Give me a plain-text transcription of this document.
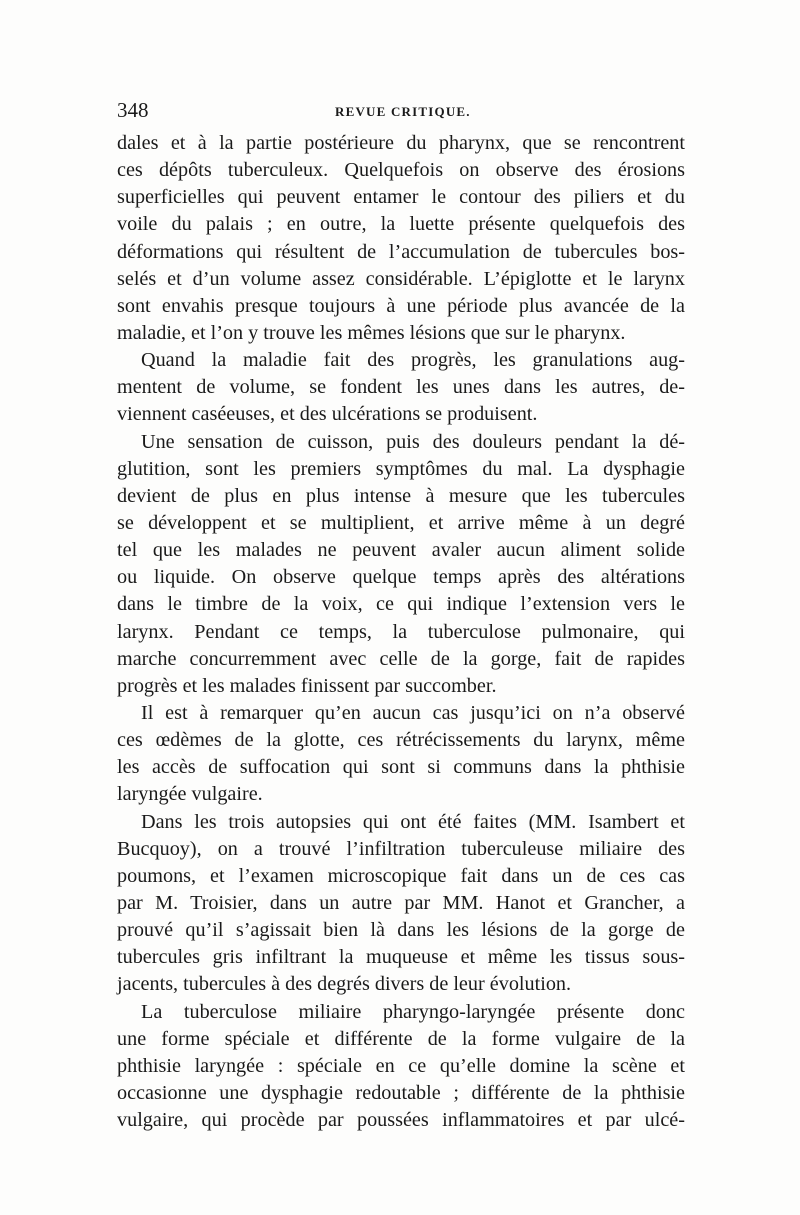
348	REVUE CRITIQUE.
dales et à la partie postérieure du pharynx, que se rencontrent
ces dépôts tuberculeux. Quelquefois on observe des érosions
superficielles qui peuvent entamer le contour des piliers et du
voile du palais ; en outre, la luette présente quelquefois des
déformations qui résultent de l’accumulation de tubercules bos-
selés et d’un volume assez considérable. L’épiglotte et le larynx
sont envahis presque toujours à une période plus avancée de la
maladie, et l’on y trouve les mêmes lésions que sur le pharynx.
Quand la maladie fait des progrès, les granulations aug-
mentent de volume, se fondent les unes dans les autres, de-
viennent caséeuses, et des ulcérations se produisent.
Une sensation de cuisson, puis des douleurs pendant la dé-
glutition, sont les premiers symptômes du mal. La dysphagie
devient de plus en plus intense à mesure que les tubercules
se développent et se multiplient, et arrive même à un degré
tel que les malades ne peuvent avaler aucun aliment solide
ou liquide. On observe quelque temps après des altérations
dans le timbre de la voix, ce qui indique l’extension vers le
larynx. Pendant ce temps, la tuberculose pulmonaire, qui
marche concurremment avec celle de la gorge, fait de rapides
progrès et les malades finissent par succomber.
Il est à remarquer qu’en aucun cas jusqu’ici on n’a observé
ces œdèmes de la glotte, ces rétrécissements du larynx, même
les accès de suffocation qui sont si communs dans la phthisie
laryngée vulgaire.
Dans les trois autopsies qui ont été faites (MM. Isambert et
Bucquoy), on a trouvé l’infiltration tuberculeuse miliaire des
poumons, et l’examen microscopique fait dans un de ces cas
par M. Troisier, dans un autre par MM. Hanot et Grancher, a
prouvé qu’il s’agissait bien là dans les lésions de la gorge de
tubercules gris infiltrant la muqueuse et même les tissus sous-
jacents, tubercules à des degrés divers de leur évolution.
La tuberculose miliaire pharyngo-laryngée présente donc
une forme spéciale et différente de la forme vulgaire de la
phthisie laryngée : spéciale en ce qu’elle domine la scène et
occasionne une dysphagie redoutable ; différente de la phthisie
vulgaire, qui procède par poussées inflammatoires et par ulcé-
